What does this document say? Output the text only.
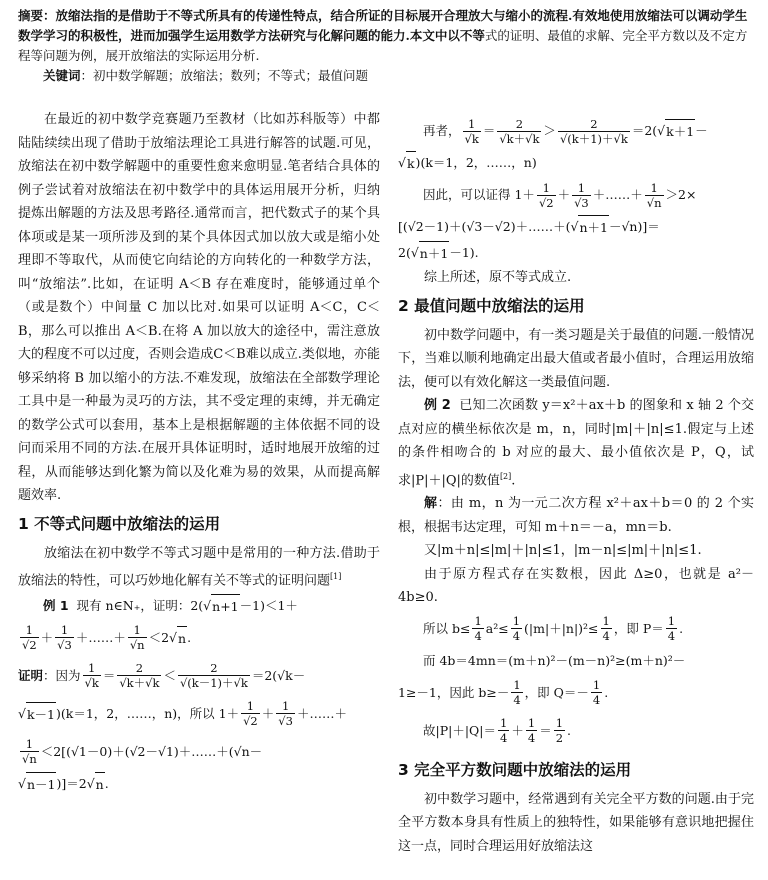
摘要：放缩法指的是借助于不等式所具有的传递性特点，结合所证的目标展开合理放大与缩小的流程.有效地使用放缩法可以调动学生数学学习的积极性，进而加强学生运用数学方法研究与化解问题的能力.本文中以不等式的证明、最值的求解、完全平方数以及不定方程等问题为例，展开放缩法的实际运用分析.
关键词：初中数学解题；放缩法；数列；不等式；最值问题

在最近的初中数学竞赛题乃至教材（比如苏科版等）中都陆陆续续出现了借助于放缩法理论工具进行解答的试题.可见，放缩法在初中数学解题中的重要性愈来愈明显.笔者结合具体的例子尝试着对放缩法在初中数学中的具体运用展开分析，归纳提炼出解题的方法及思考路径.通常而言，把代数式子的某个具体项或是某一项所涉及到的某个具体因式加以放大或是缩小处理即不等取代，从而使它向结论的方向转化的一种数学方法，叫“放缩法”.比如，在证明 A＜B 存在难度时，能够通过单个（或是数个）中间量 C 加以比对.如果可以证明 A＜C，C＜B，那么可以推出 A＜B.在将 A 加以放大的途径中，需注意放大的程度不可以过度，否则会造成C＜B难以成立.类似地，亦能够采纳将 B 加以缩小的方法.不难发现，放缩法在全部数学理论工具中是一种最为灵巧的方法，其不受定理的束缚，并无确定的数学公式可以套用，基本上是根据解题的主体依据不同的设问而采用不同的方法.在展开具体证明时，适时地展开放缩的过程，从而能够达到化繁为简以及化难为易的效果，从而提高解题效率.

1 不等式问题中放缩法的运用

放缩法在初中数学不等式习题中是常用的一种方法.借助于放缩法的特性，可以巧妙地化解有关不等式的证明问题[1]

例 1
现有 n∈N₊，证明：2( √ n+1 －1)＜1＋
$\frac{1}{√2} + \frac{1}{√3}$ ＋……＋ $\frac{1}{√n} <2√$ n .
证明 ：因为 $\frac{1}{√k} = \frac{2}{√k+√k} < \frac{2}{√(k-1)+√k} =2(√k-$
√ k－1 ) (k＝1，2，……，n)，所以 $1+ \frac{1}{√2} + \frac{1}{√3}$ ＋……＋
$\frac{1}{√n} <2$[( √1－0)＋(√2－√1)＋……＋(√n－
√ n－1 )]＝2 √ n .
再者， $\frac{1}{√k} = \frac{2}{√k+√k} > \frac{2}{√(k+1)+√k} =2(√$ k＋1 －
√ k ) (k＝1，2，……，n)
因此，可以证得 $1+ \frac{1}{√2} + \frac{1}{√3}$ ＋……＋ $\frac{1}{√n} >2\times$
[(√2－1)＋(√3－√2)＋……＋(√ n＋1 －√n)]＝
2(√ n＋1 －1).

综上所述，原不等式成立.

2 最值问题中放缩法的运用

初中数学问题中，有一类习题是关于最值的问题.一般情况下，当难以顺利地确定出最大值或者最小值时，合理运用放缩法，便可以有效化解这一类最值问题.

例 2 已知二次函数 y＝x²＋ax＋b 的图象和 x 轴 2 个交点对应的横坐标依次是 m，n，同时|m|＋|n|≤1.假定与上述的条件相吻合的 b 对应的最大、最小值依次是 P，Q，试求|P|＋|Q|的数值[2].

解：由 m，n 为一元二次方程 x²＋ax＋b＝0 的 2 个实根，根据韦达定理，可知 m＋n＝－a，mn＝b.

又|m＋n|≤|m|＋|n|≤1，|m－n|≤|m|＋|n|≤1.

由于原方程式存在实数根，因此 Δ≥0，也就是 a²－4b≥0.

所以 $b\le \frac{1}{4} a^2\le \frac{1}{4} (|m|+|n|)^2\le \frac{1}{4}$ ，即 $P= \frac{1}{4}$ .
而 4b＝4mn＝(m＋n)²－(m－n)²≥(m＋n)²－
1≥－1，因此 $b\ge- \frac{1}{4}$ ，即 $Q=- \frac{1}{4}$ .
故$|P|+|Q|= \frac{1}{4} + \frac{1}{4} = \frac{1}{2}$ .
3 完全平方数问题中放缩法的运用

初中数学习题中，经常遇到有关完全平方数的问题.由于完全平方数本身具有性质上的独特性，如果能够有意识地把握住这一点，同时合理运用好放缩法这
